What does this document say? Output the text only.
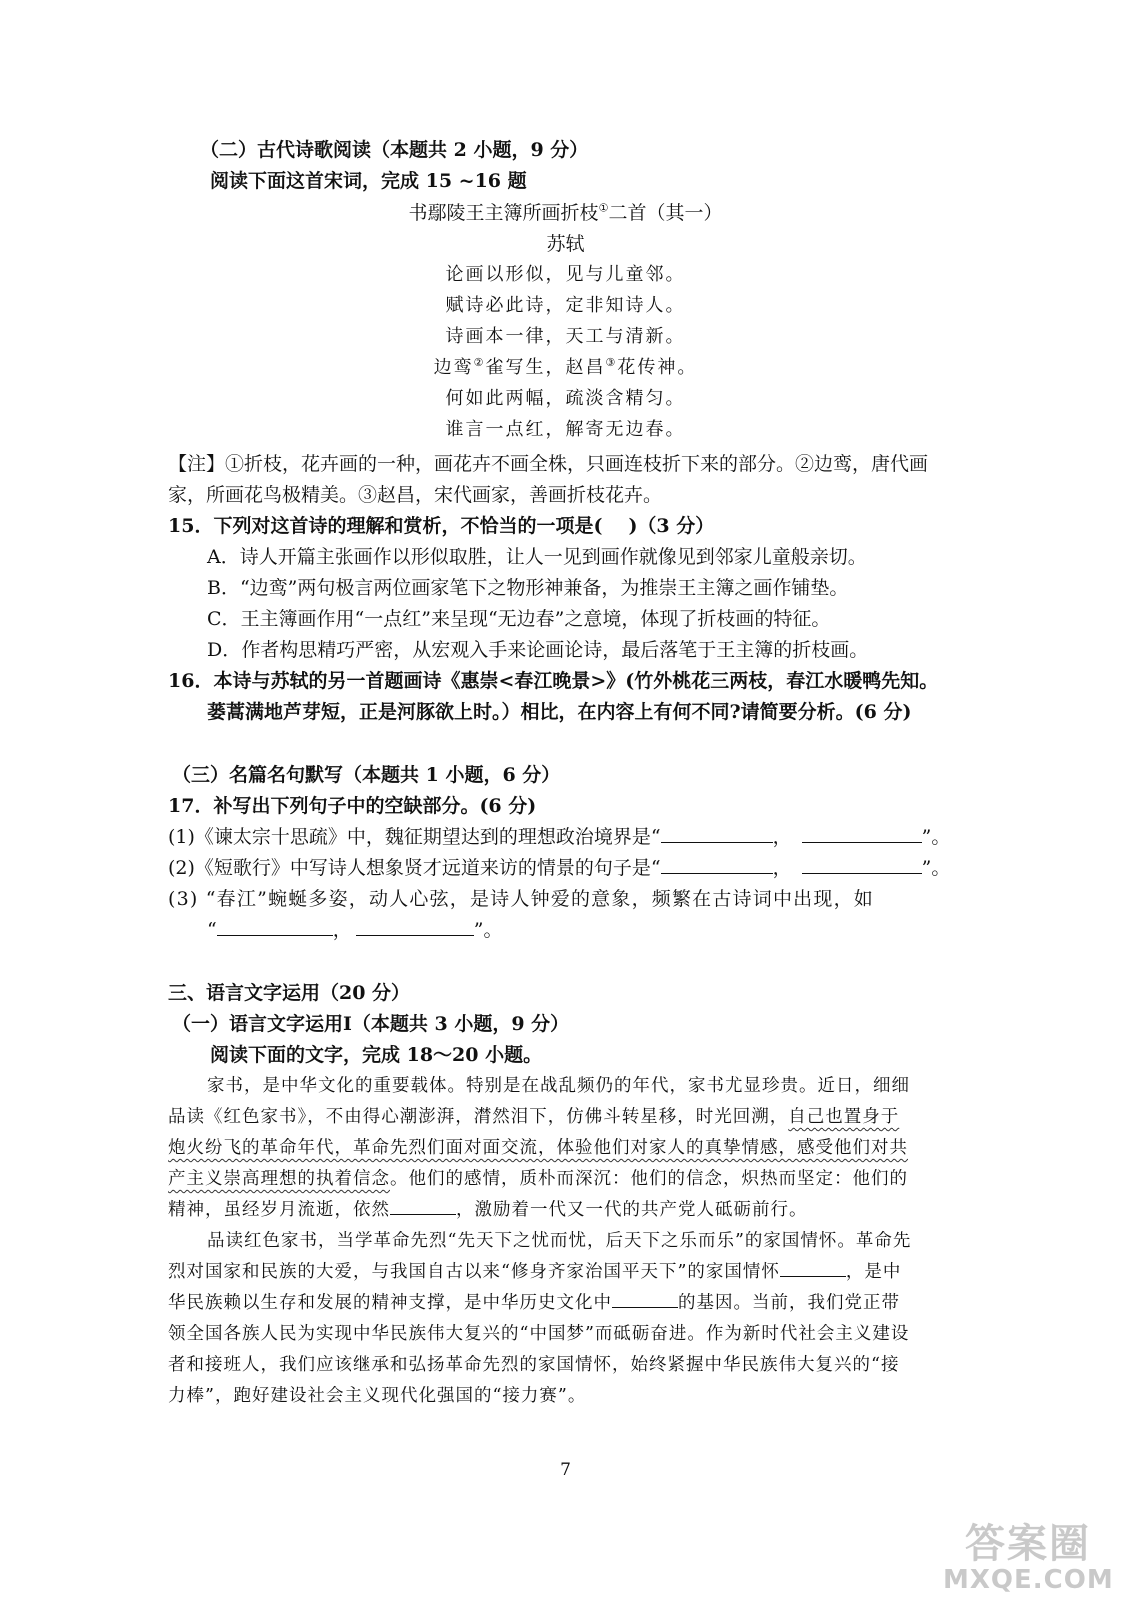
（二）古代诗歌阅读（本题共 2 小题，9 分）
阅读下面这首宋词，完成 15 ~16 题
书鄢陵王主簿所画折枝①二首（其一）
苏轼
论画以形似，见与儿童邻。
赋诗必此诗，定非知诗人。
诗画本一律，天工与清新。
边鸾②雀写生，赵昌③花传神。
何如此两幅，疏淡含精匀。
谁言一点红，解寄无边春。
【注】①折枝，花卉画的一种，画花卉不画全株，只画连枝折下来的部分。②边鸾，唐代画
家，所画花鸟极精美。③赵昌，宋代画家，善画折枝花卉。
15．下列对这首诗的理解和赏析，不恰当的一项是( )（3 分）
A．诗人开篇主张画作以形似取胜，让人一见到画作就像见到邻家儿童般亲切。
B．“边鸾”两句极言两位画家笔下之物形神兼备，为推崇王主簿之画作铺垫。
C．王主簿画作用“一点红”来呈现“无边春”之意境，体现了折枝画的特征。
D．作者构思精巧严密，从宏观入手来论画论诗，最后落笔于王主簿的折枝画。
16．本诗与苏轼的另一首题画诗《惠崇<春江晚景>》(竹外桃花三两枝，春江水暖鸭先知。
蒌蒿满地芦芽短，正是河豚欲上时。）相比，在内容上有何不同?请简要分析。(6 分)
（三）名篇名句默写（本题共 1 小题，6 分）
17．补写出下列句子中的空缺部分。(6 分)
(1)《谏太宗十思疏》中，魏征期望达到的理想政治境界是“	，	”。
(2)《短歌行》中写诗人想象贤才远道来访的情景的句子是“	，	”。
(3) “春江”蜿蜒多姿，动人心弦，是诗人钟爱的意象，频繁在古诗词中出现，如
“	，	”。
三、语言文字运用（20 分）
（一）语言文字运用Ⅰ（本题共 3 小题，9 分）
阅读下面的文字，完成 18～20 小题。
家书，是中华文化的重要载体。特别是在战乱频仍的年代，家书尤显珍贵。近日，细细
品读《红色家书》，不由得心潮澎湃，潸然泪下，仿佛斗转星移，时光回溯，自己也置身于
炮火纷飞的革命年代，革命先烈们面对面交流，体验他们对家人的真挚情感，感受他们对共
产主义崇高理想的执着信念。他们的感情，质朴而深沉：他们的信念，炽热而坚定：他们的
精神，虽经岁月流逝，依然	，激励着一代又一代的共产党人砥砺前行。
品读红色家书，当学革命先烈“先天下之忧而忧，后天下之乐而乐”的家国情怀。革命先
烈对国家和民族的大爱，与我国自古以来“修身齐家治国平天下”的家国情怀	，是中
华民族赖以生存和发展的精神支撑，是中华历史文化中	的基因。当前，我们党正带
领全国各族人民为实现中华民族伟大复兴的“中国梦”而砥砺奋进。作为新时代社会主义建设
者和接班人，我们应该继承和弘扬革命先烈的家国情怀，始终紧握中华民族伟大复兴的“接
力棒”，跑好建设社会主义现代化强国的“接力赛”。
7
答案圈
MXQE.COM
